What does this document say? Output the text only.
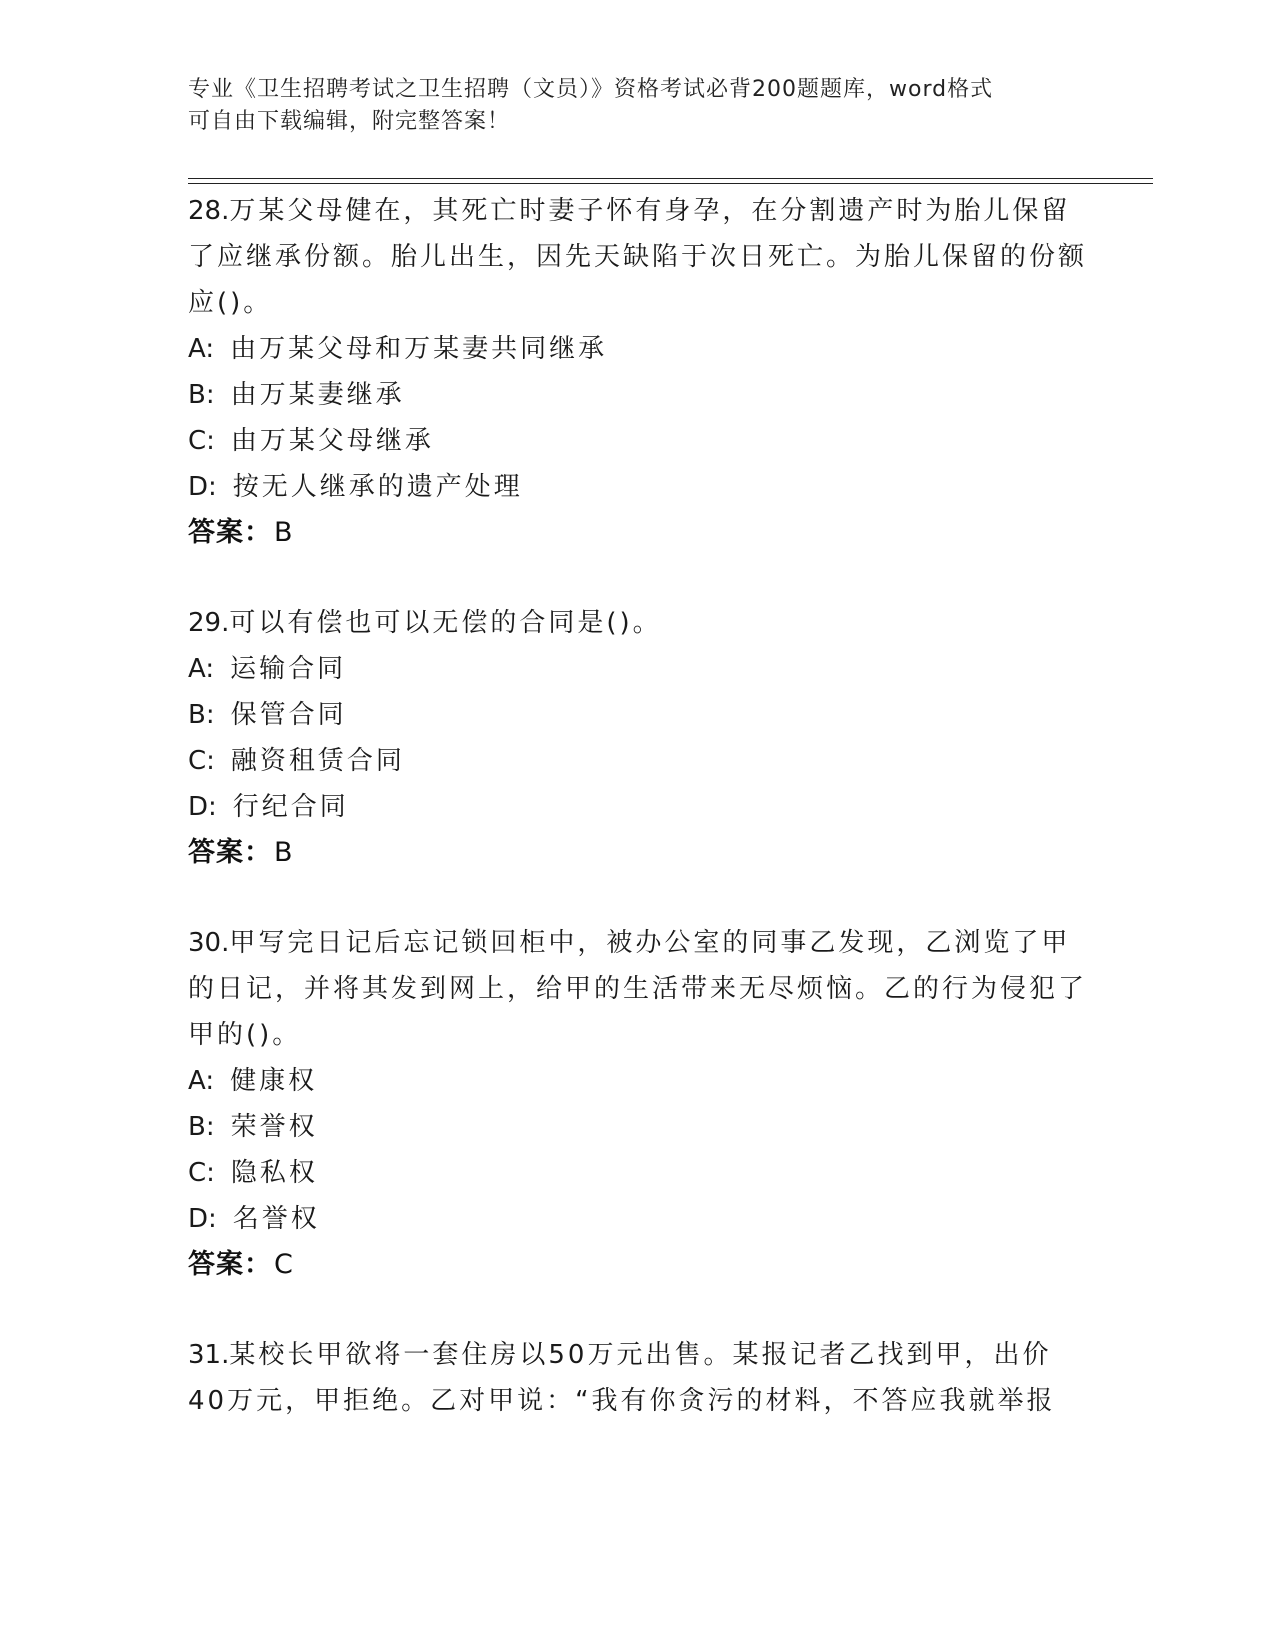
专业《卫生招聘考试之卫生招聘（文员）》资格考试必背200题题库，word格式
可自由下载编辑，附完整答案！
28.万某父母健在，其死亡时妻子怀有身孕，在分割遗产时为胎儿保留了应继承份额。胎儿出生，因先天缺陷于次日死亡。为胎儿保留的份额应()。
A: 由万某父母和万某妻共同继承
B: 由万某妻继承
C: 由万某父母继承
D: 按无人继承的遗产处理
答案：B
29.可以有偿也可以无偿的合同是()。
A: 运输合同
B: 保管合同
C: 融资租赁合同
D: 行纪合同
答案：B
30.甲写完日记后忘记锁回柜中，被办公室的同事乙发现，乙浏览了甲的日记，并将其发到网上，给甲的生活带来无尽烦恼。乙的行为侵犯了甲的()。
A: 健康权
B: 荣誉权
C: 隐私权
D: 名誉权
答案：C
31.某校长甲欲将一套住房以50万元出售。某报记者乙找到甲，出价40万元，甲拒绝。乙对甲说：“我有你贪污的材料，不答应我就举报
